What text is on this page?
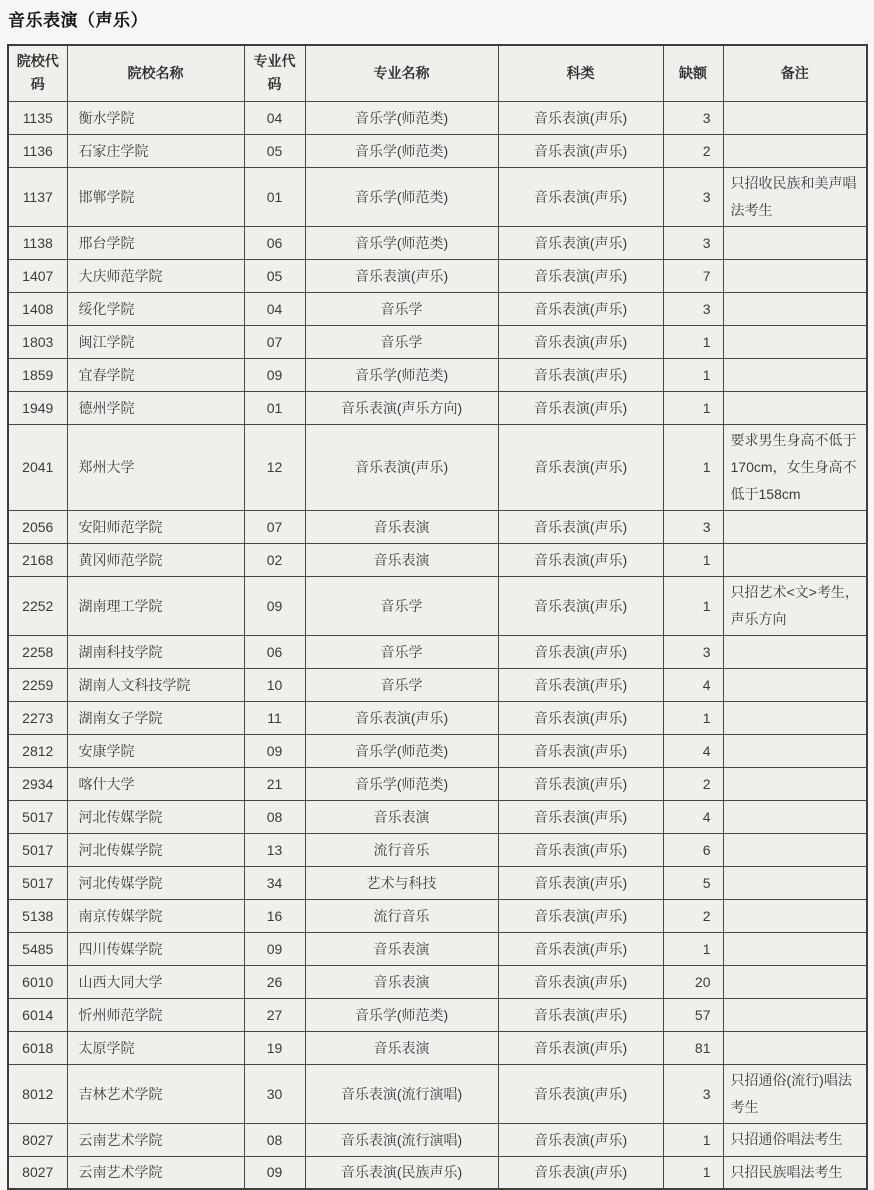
音乐表演（声乐）
院校代码	院校名称	专业代码	专业名称	科类	缺额	备注
1135	衡水学院	04	音乐学(师范类)	音乐表演(声乐)	3	
1136	石家庄学院	05	音乐学(师范类)	音乐表演(声乐)	2	
1137	邯郸学院	01	音乐学(师范类)	音乐表演(声乐)	3	只招收民族和美声唱法考生
1138	邢台学院	06	音乐学(师范类)	音乐表演(声乐)	3	
1407	大庆师范学院	05	音乐表演(声乐)	音乐表演(声乐)	7	
1408	绥化学院	04	音乐学	音乐表演(声乐)	3	
1803	闽江学院	07	音乐学	音乐表演(声乐)	1	
1859	宜春学院	09	音乐学(师范类)	音乐表演(声乐)	1	
1949	德州学院	01	音乐表演(声乐方向)	音乐表演(声乐)	1	
2041	郑州大学	12	音乐表演(声乐)	音乐表演(声乐)	1	要求男生身高不低于170cm，女生身高不低于158cm
2056	安阳师范学院	07	音乐表演	音乐表演(声乐)	3	
2168	黄冈师范学院	02	音乐表演	音乐表演(声乐)	1	
2252	湖南理工学院	09	音乐学	音乐表演(声乐)	1	只招艺术<文>考生，声乐方向
2258	湖南科技学院	06	音乐学	音乐表演(声乐)	3	
2259	湖南人文科技学院	10	音乐学	音乐表演(声乐)	4	
2273	湖南女子学院	11	音乐表演(声乐)	音乐表演(声乐)	1	
2812	安康学院	09	音乐学(师范类)	音乐表演(声乐)	4	
2934	喀什大学	21	音乐学(师范类)	音乐表演(声乐)	2	
5017	河北传媒学院	08	音乐表演	音乐表演(声乐)	4	
5017	河北传媒学院	13	流行音乐	音乐表演(声乐)	6	
5017	河北传媒学院	34	艺术与科技	音乐表演(声乐)	5	
5138	南京传媒学院	16	流行音乐	音乐表演(声乐)	2	
5485	四川传媒学院	09	音乐表演	音乐表演(声乐)	1	
6010	山西大同大学	26	音乐表演	音乐表演(声乐)	20	
6014	忻州师范学院	27	音乐学(师范类)	音乐表演(声乐)	57	
6018	太原学院	19	音乐表演	音乐表演(声乐)	81	
8012	吉林艺术学院	30	音乐表演(流行演唱)	音乐表演(声乐)	3	只招通俗(流行)唱法考生
8027	云南艺术学院	08	音乐表演(流行演唱)	音乐表演(声乐)	1	只招通俗唱法考生
8027	云南艺术学院	09	音乐表演(民族声乐)	音乐表演(声乐)	1	只招民族唱法考生
